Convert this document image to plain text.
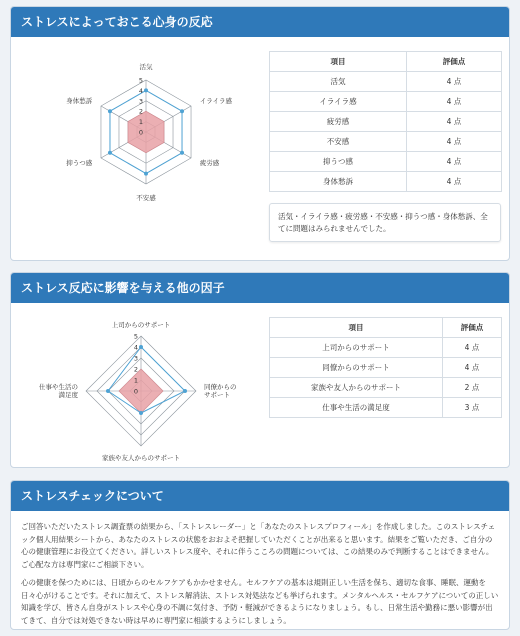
ストレスによっておこる心身の反応
0
1
2
3
4
5
活気
イライラ感
疲労感
不安感
抑うつ感
身体愁訴
項目	評価点
活気	4 点
イライラ感	4 点
疲労感	4 点
不安感	4 点
抑うつ感	4 点
身体愁訴	4 点
活気・イライラ感・疲労感・不安感・抑うつ感・身体愁訴、全てに問題はみられませんでした。
ストレス反応に影響を与える他の因子
0
1
2
3
4
5
上司からのサポート
同僚からのサポート
家族や友人からのサポート
仕事や生活の満足度
項目	評価点
上司からのサポート	4 点
同僚からのサポート	4 点
家族や友人からのサポート	2 点
仕事や生活の満足度	3 点
ストレスチェックについて

ご回答いただいたストレス調査票の結果から、「ストレスレーダー」と「あなたのストレスプロフィール」を作成しました。このストレスチェック個人用結果シートから、あなたのストレスの状態をおおよそ把握していただくことが出来ると思います。結果をご覧いただき、ご自分の心の健康管理にお役立てください。詳しいストレス度や、それに伴うこころの問題については、この結果のみで判断することはできません。ご心配な方は専門家にご相談下さい。

心の健康を保つためには、日頃からのセルフケアもかかせません。セルフケアの基本は規則正しい生活を保ち、適切な食事、睡眠、運動を日々心がけることです。それに加えて、ストレス解消法、ストレス対処法なども挙げられます。メンタルヘルス・セルフケアについての正しい知識を学び、皆さん自身がストレスや心身の不調に気付き、予防・軽減ができるようになりましょう。もし、日常生活や勤務に悪い影響が出てきて、自分では対処できない時は早めに専門家に相談するようにしましょう。
